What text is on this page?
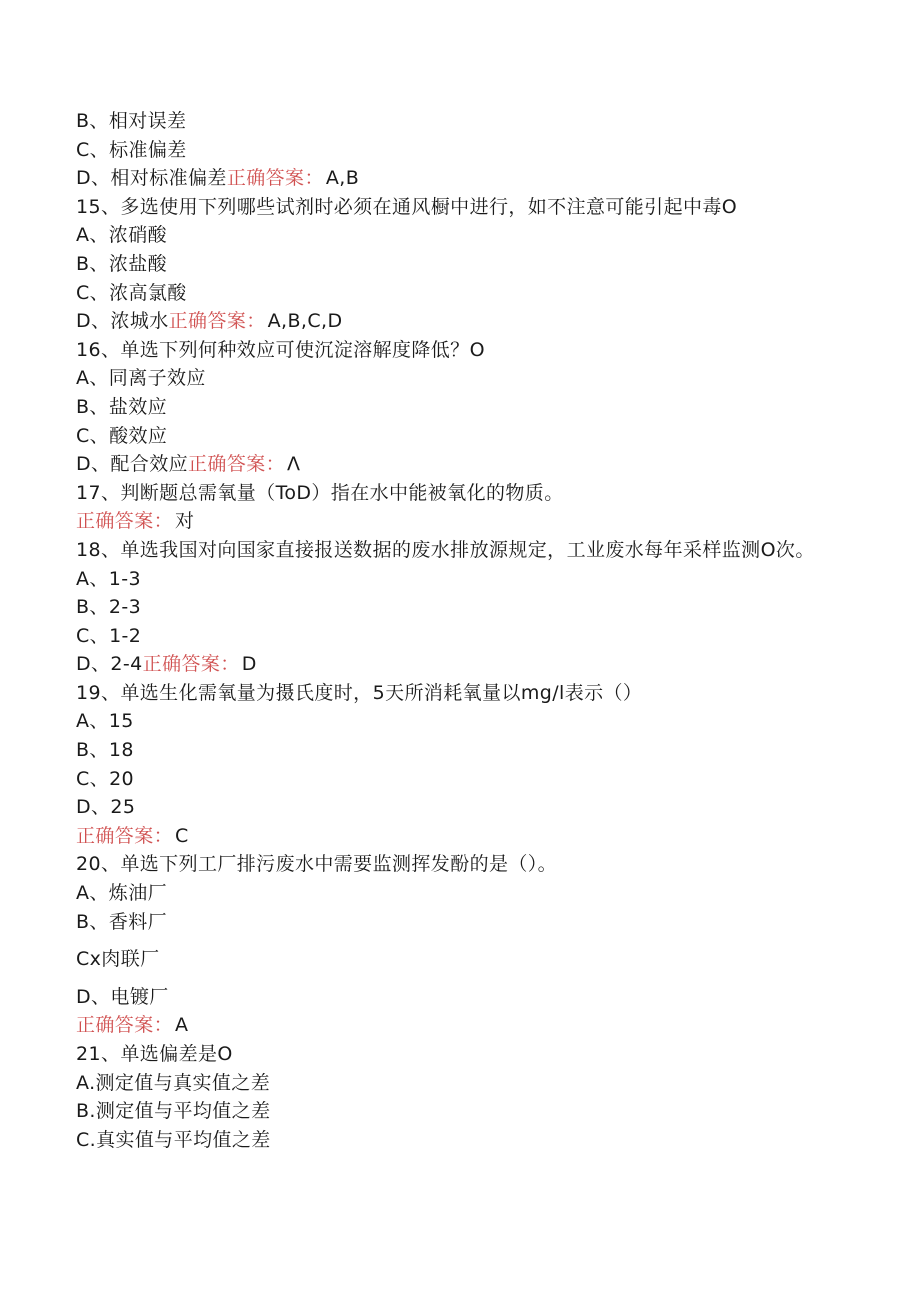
B、相对误差
C、标准偏差
D、相对标准偏差正确答案： A,B
15、多选使用下列哪些试剂时必须在通风橱中进行，如不注意可能引起中毒O
A、浓硝酸
B、浓盐酸
C、浓高氯酸
D、浓城水正确答案： A,B,C,D
16、单选下列何种效应可使沉淀溶解度降低？O
A、同离子效应
B、盐效应
C、酸效应
D、配合效应正确答案： Λ
17、判断题总需氧量（ToD）指在水中能被氧化的物质。
正确答案： 对
18、单选我国对向国家直接报送数据的废水排放源规定，工业废水每年采样监测O次。
A、1-3
B、2-3
C、1-2
D、2-4正确答案： D
19、单选生化需氧量为摄氏度时，5天所消耗氧量以mg/l表示（）
A、15
B、18
C、20
D、25
正确答案： C
20、单选下列工厂排污废水中需要监测挥发酚的是（）。
A、炼油厂
B、香料厂
Cx肉联厂
D、电镀厂
正确答案： A
21、单选偏差是O
A.测定值与真实值之差
B.测定值与平均值之差
C.真实值与平均值之差
